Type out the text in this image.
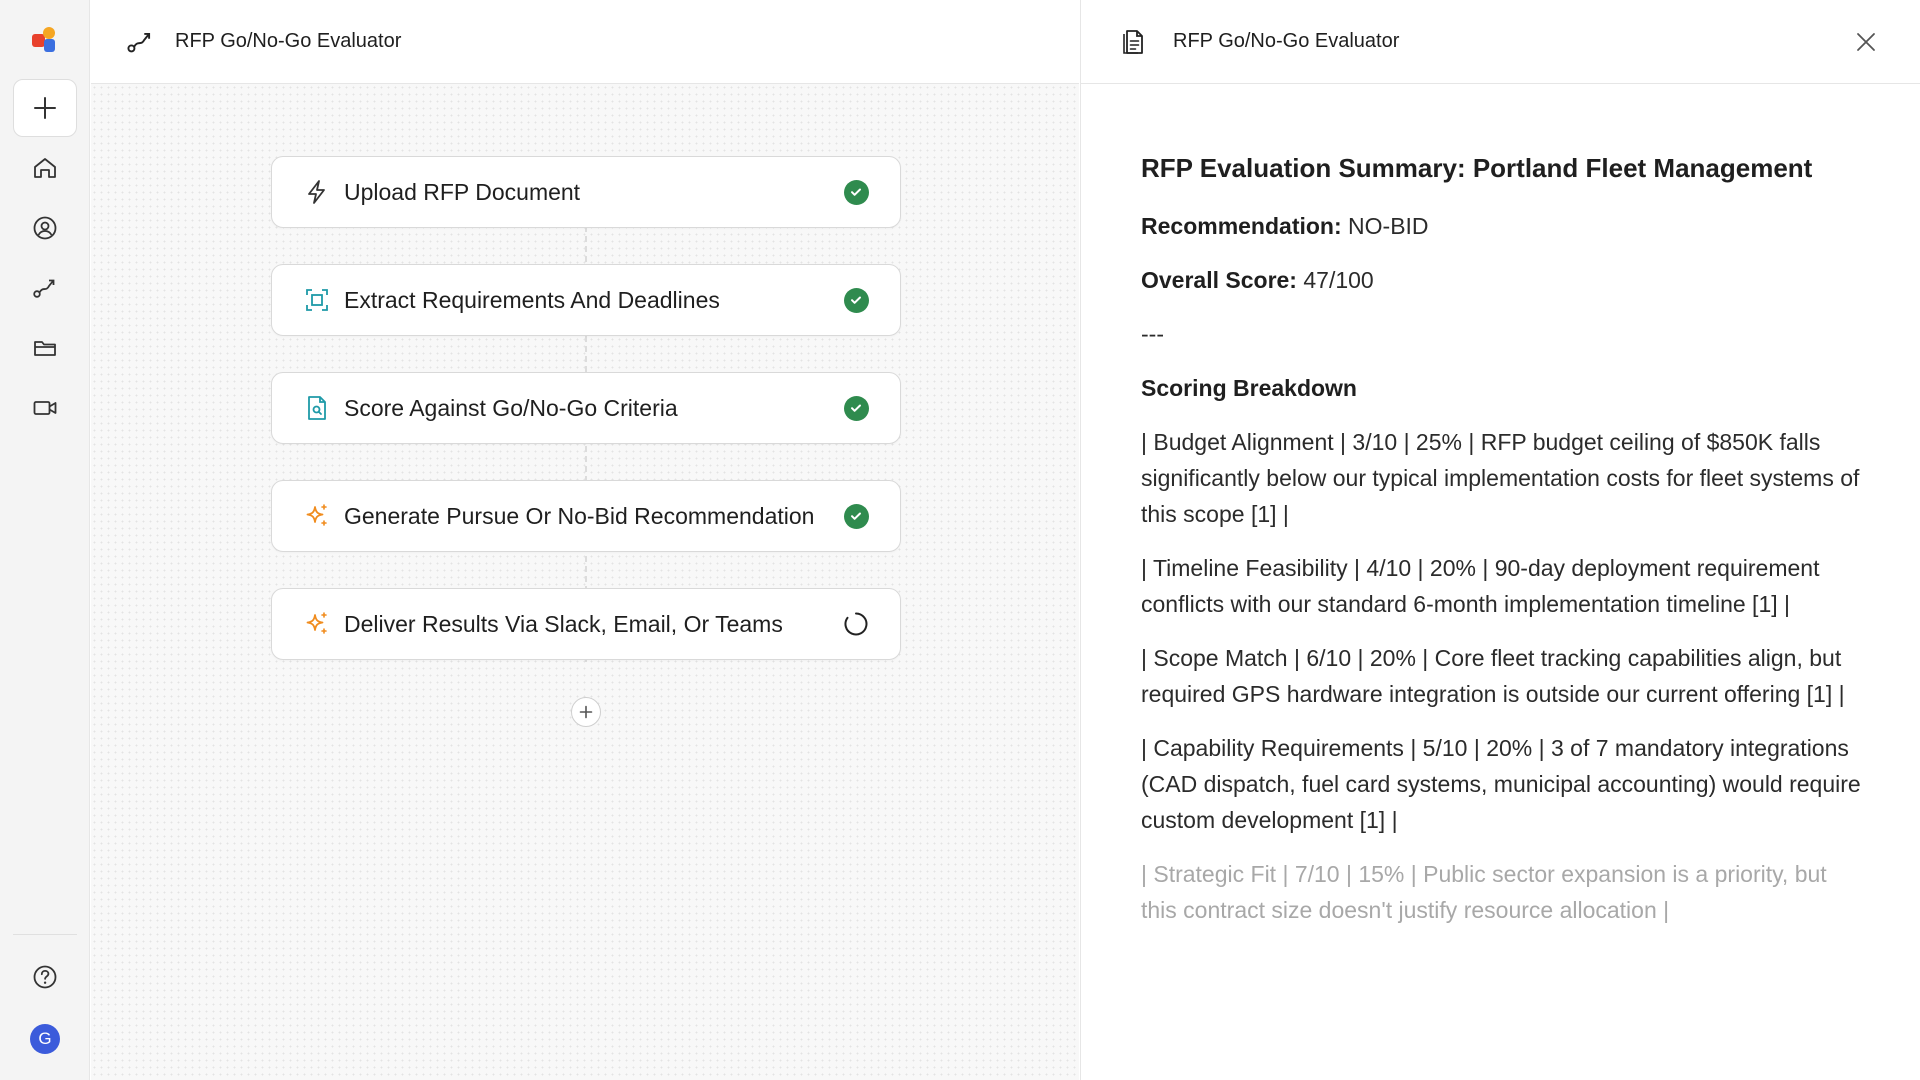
G
RFP Go/No-Go Evaluator
Upload RFP Document
Extract Requirements And Deadlines
Score Against Go/No-Go Criteria
Generate Pursue Or No-Bid Recommendation
Deliver Results Via Slack, Email, Or Teams
RFP Go/No-Go Evaluator
RFP Evaluation Summary: Portland Fleet Management

Recommendation: NO-BID

Overall Score: 47/100

---

Scoring Breakdown

| Budget Alignment | 3/10 | 25% | RFP budget ceiling of $850K falls significantly below our typical implementation costs for fleet systems of this scope [1] |

| Timeline Feasibility | 4/10 | 20% | 90-day deployment requirement conflicts with our standard 6-month implementation timeline [1] |

| Scope Match | 6/10 | 20% | Core fleet tracking capabilities align, but required GPS hardware integration is outside our current offering [1] |

| Capability Requirements | 5/10 | 20% | 3 of 7 mandatory integrations (CAD dispatch, fuel card systems, municipal accounting) would require custom development [1] |

| Strategic Fit | 7/10 | 15% | Public sector expansion is a priority, but this contract size doesn't justify resource allocation |
